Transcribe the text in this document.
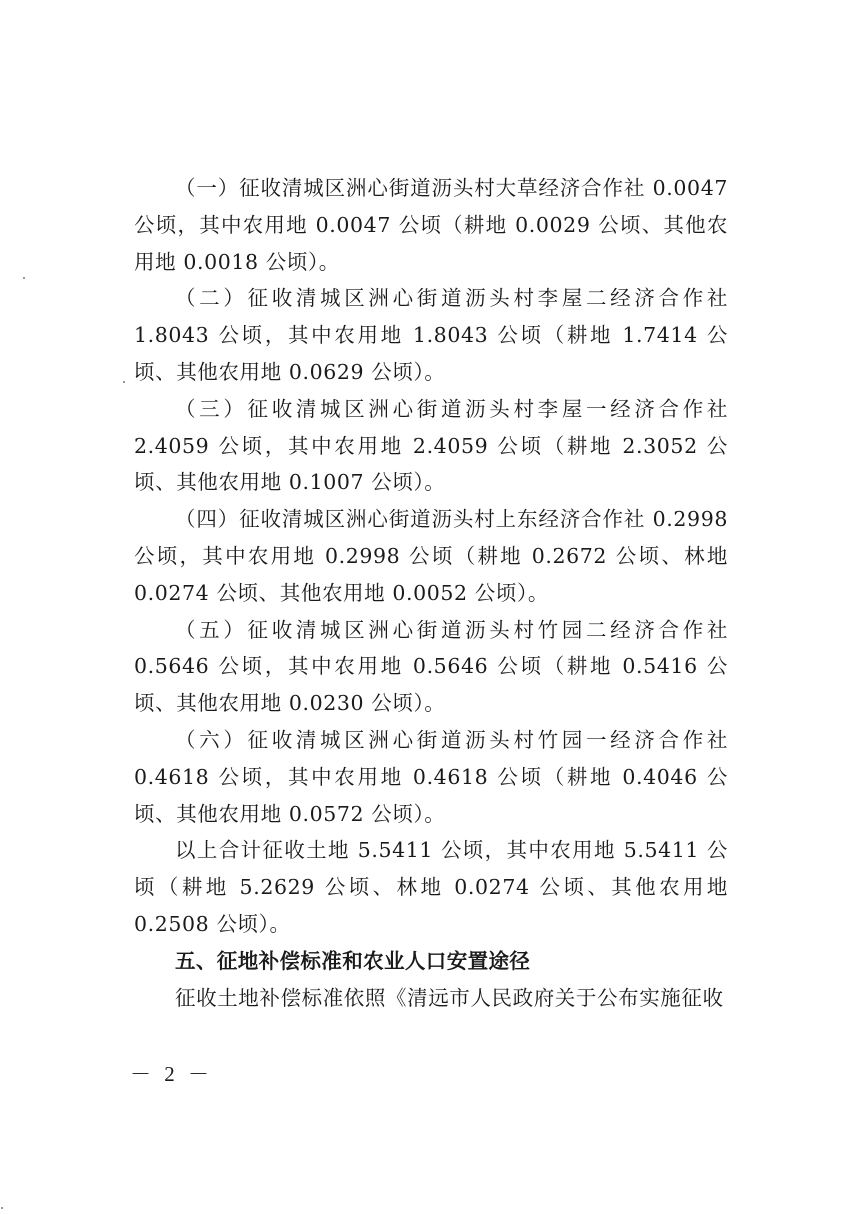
（一）征收清城区洲心街道沥头村大草经济合作社 0.0047 公顷，其中农用地 0.0047 公顷（耕地 0.0029 公顷、其他农用地 0.0018 公顷）。

（二）征收清城区洲心街道沥头村李屋二经济合作社 1.8043 公顷，其中农用地 1.8043 公顷（耕地 1.7414 公顷、其他农用地 0.0629 公顷）。

（三）征收清城区洲心街道沥头村李屋一经济合作社 2.4059 公顷，其中农用地 2.4059 公顷（耕地 2.3052 公顷、其他农用地 0.1007 公顷）。

（四）征收清城区洲心街道沥头村上东经济合作社 0.2998 公顷，其中农用地 0.2998 公顷（耕地 0.2672 公顷、林地 0.0274 公顷、其他农用地 0.0052 公顷）。

（五）征收清城区洲心街道沥头村竹园二经济合作社 0.5646 公顷，其中农用地 0.5646 公顷（耕地 0.5416 公顷、其他农用地 0.0230 公顷）。

（六）征收清城区洲心街道沥头村竹园一经济合作社 0.4618 公顷，其中农用地 0.4618 公顷（耕地 0.4046 公顷、其他农用地 0.0572 公顷）。

以上合计征收土地 5.5411 公顷，其中农用地 5.5411 公顷（耕地 5.2629 公顷、林地 0.0274 公顷、其他农用地 0.2508 公顷）。

五、征地补偿标准和农业人口安置途径

征收土地补偿标准依照《清远市人民政府关于公布实施征收

－ 2 －
